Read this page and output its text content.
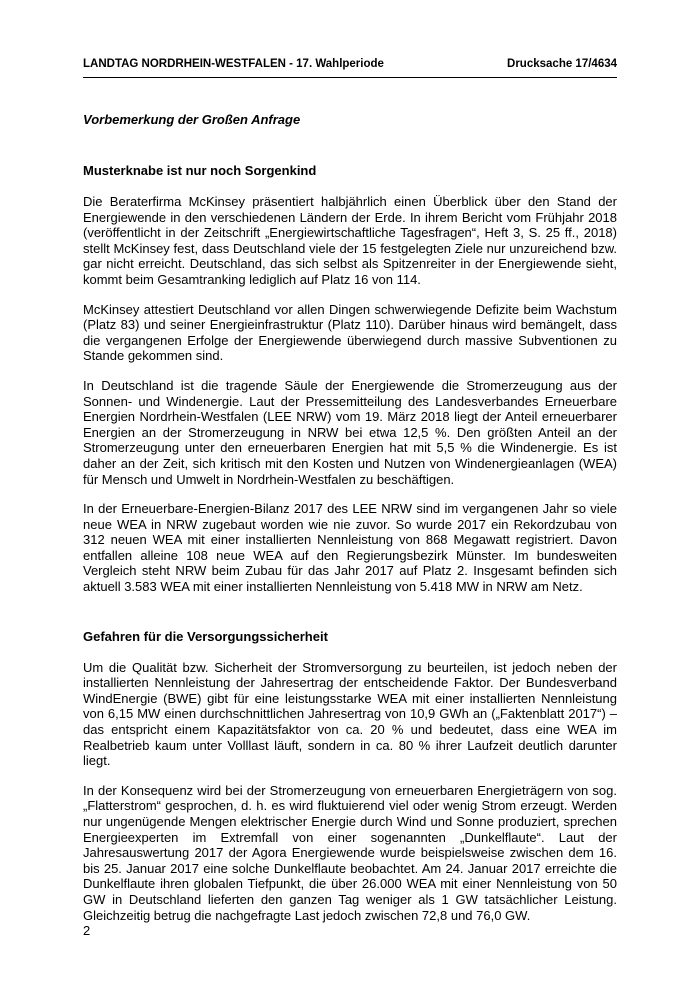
LANDTAG NORDRHEIN-WESTFALEN - 17. Wahlperiode	Drucksache 17/4634
Vorbemerkung der Großen Anfrage
Musterknabe ist nur noch Sorgenkind
Die Beraterfirma McKinsey präsentiert halbjährlich einen Überblick über den Stand der Energiewende in den verschiedenen Ländern der Erde. In ihrem Bericht vom Frühjahr 2018 (veröffentlicht in der Zeitschrift „Energiewirtschaftliche Tagesfragen“, Heft 3, S. 25 ff., 2018) stellt McKinsey fest, dass Deutschland viele der 15 festgelegten Ziele nur unzureichend bzw. gar nicht erreicht. Deutschland, das sich selbst als Spitzenreiter in der Energiewende sieht, kommt beim Gesamtranking lediglich auf Platz 16 von 114.
McKinsey attestiert Deutschland vor allen Dingen schwerwiegende Defizite beim Wachstum (Platz 83) und seiner Energieinfrastruktur (Platz 110). Darüber hinaus wird bemängelt, dass die vergangenen Erfolge der Energiewende überwiegend durch massive Subventionen zu Stande gekommen sind.
In Deutschland ist die tragende Säule der Energiewende die Stromerzeugung aus der Sonnen- und Windenergie. Laut der Pressemitteilung des Landesverbandes Erneuerbare Energien Nordrhein-Westfalen (LEE NRW) vom 19. März 2018 liegt der Anteil erneuerbarer Energien an der Stromerzeugung in NRW bei etwa 12,5 %. Den größten Anteil an der Stromerzeugung unter den erneuerbaren Energien hat mit 5,5 % die Windenergie. Es ist daher an der Zeit, sich kritisch mit den Kosten und Nutzen von Windenergieanlagen (WEA) für Mensch und Umwelt in Nordrhein-Westfalen zu beschäftigen.
In der Erneuerbare-Energien-Bilanz 2017 des LEE NRW sind im vergangenen Jahr so viele neue WEA in NRW zugebaut worden wie nie zuvor. So wurde 2017 ein Rekordzubau von 312 neuen WEA mit einer installierten Nennleistung von 868 Megawatt registriert. Davon entfallen alleine 108 neue WEA auf den Regierungsbezirk Münster. Im bundesweiten Vergleich steht NRW beim Zubau für das Jahr 2017 auf Platz 2. Insgesamt befinden sich aktuell 3.583 WEA mit einer installierten Nennleistung von 5.418 MW in NRW am Netz.
Gefahren für die Versorgungssicherheit
Um die Qualität bzw. Sicherheit der Stromversorgung zu beurteilen, ist jedoch neben der installierten Nennleistung der Jahresertrag der entscheidende Faktor. Der Bundesverband WindEnergie (BWE) gibt für eine leistungsstarke WEA mit einer installierten Nennleistung von 6,15 MW einen durchschnittlichen Jahresertrag von 10,9 GWh an („Faktenblatt 2017“) – das entspricht einem Kapazitätsfaktor von ca. 20 % und bedeutet, dass eine WEA im Realbetrieb kaum unter Volllast läuft, sondern in ca. 80 % ihrer Laufzeit deutlich darunter liegt.
In der Konsequenz wird bei der Stromerzeugung von erneuerbaren Energieträgern von sog. „Flatterstrom“ gesprochen, d. h. es wird fluktuierend viel oder wenig Strom erzeugt. Werden nur ungenügende Mengen elektrischer Energie durch Wind und Sonne produziert, sprechen Energieexperten im Extremfall von einer sogenannten „Dunkelflaute“. Laut der Jahresauswertung 2017 der Agora Energiewende wurde beispielsweise zwischen dem 16. bis 25. Januar 2017 eine solche Dunkelflaute beobachtet. Am 24. Januar 2017 erreichte die Dunkelflaute ihren globalen Tiefpunkt, die über 26.000 WEA mit einer Nennleistung von 50 GW in Deutschland lieferten den ganzen Tag weniger als 1 GW tatsächlicher Leistung. Gleichzeitig betrug die nachgefragte Last jedoch zwischen 72,8 und 76,0 GW.
2
